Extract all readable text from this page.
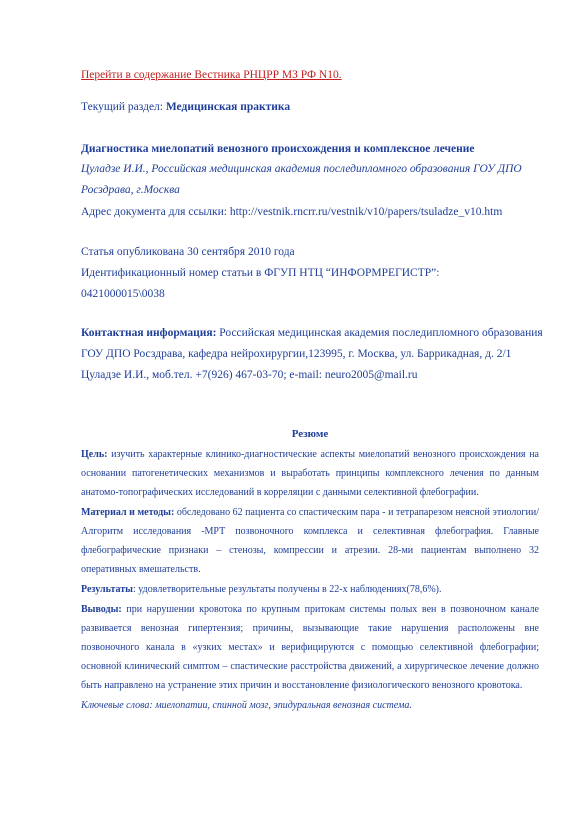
Перейти в содержание Вестника РНЦРР МЗ РФ N10.
Текущий раздел: Медицинская практика
Диагностика миелопатий венозного происхождения и комплексное лечение
Цуладзе И.И., Российская медицинская академия последипломного образования ГОУ ДПО
Росздрава, г.Москва
Адрес документа для ссылки: http://vestnik.rncrr.ru/vestnik/v10/papers/tsuladze_v10.htm
Статья опубликована 30 сентября 2010 года
Идентификационный номер статьи в ФГУП НТЦ “ИНФОРМРЕГИСТР”:
0421000015\0038
Контактная информация: Российская медицинская академия последипломного образования
ГОУ ДПО Росздрава, кафедра нейрохирургии,123995, г. Москва, ул. Баррикадная, д. 2/1
Цуладзе И.И., моб.тел. +7(926) 467-03-70; e-mail: neuro2005@mail.ru
Резюме

Цель: изучить характерные клинико-диагностические аспекты миелопатий венозного происхождения на основании патогенетических механизмов и выработать принципы комплексного лечения по данным анатомо-топографических исследований в корреляции с данными селективной флебографии.

Материал и методы: обследовано 62 пациента со спастическим пара - и тетрапарезом неясной этиологии/ Алгоритм исследования -МРТ позвоночного комплекса и селективная флебография. Главные флебографические признаки – стенозы, компрессии и атрезии. 28-ми пациентам выполнено 32 оперативных вмешательств.

Результаты: удовлетворительные результаты получены в 22-х наблюдениях(78,6%).

Выводы: при нарушении кровотока по крупным притокам системы полых вен в позвоночном канале развивается венозная гипертензия; причины, вызывающие такие нарушения расположены вне позвоночного канала в «узких местах» и верифицируются с помощью селективной флебографии; основной клинический симптом – спастические расстройства движений, а хирургическое лечение должно быть направлено на устранение этих причин и восстановление физиологического венозного кровотока.

Ключевые слова: миелопатии, спинной мозг, эпидуральная венозная система.
